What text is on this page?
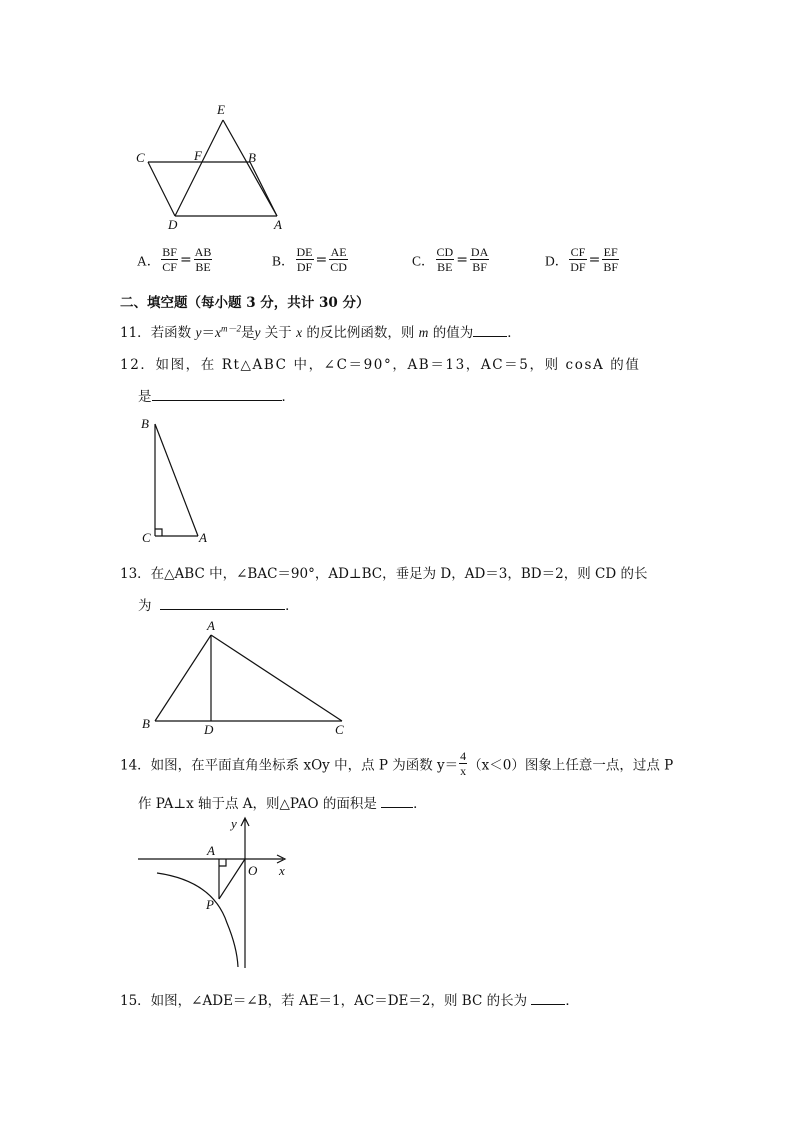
E
C	F	B
D	A
A． $\frac{BF}{CF} = \frac{AB}{BE}$	B． $\frac{DE}{DF} = \frac{AE}{CD}$	C． $\frac{CD}{BE} = \frac{DA}{BF}$	D． $\frac{CF}{DF} = \frac{EF}{BF}$
二、填空题（每小题 3 分，共计 30 分）
11．若函数 $y=x^{m-2}$是y 关于 x 的反比例函数，则 m 的值为	．
12．如图，在 Rt△ABC 中，∠C＝90°，AB＝13，AC＝5，则 cosA 的值
是	．
B
C	A
13．在△ABC 中，∠BAC＝90°，AD⊥BC，垂足为 D，AD＝3，BD＝2，则 CD 的长
为	．
A
B	D	C
14．如图，在平面直角坐标系 xOy 中，点 P 为函数 $y= \frac{4}{x} (x<0)$图象上任意一点，过点 P
作 PA⊥x 轴于点 A，则△PAO 的面积是	．
y
A
O x
P
15．如图，∠ADE＝∠B，若 AE＝1，AC＝DE＝2，则 BC 的长为	．
